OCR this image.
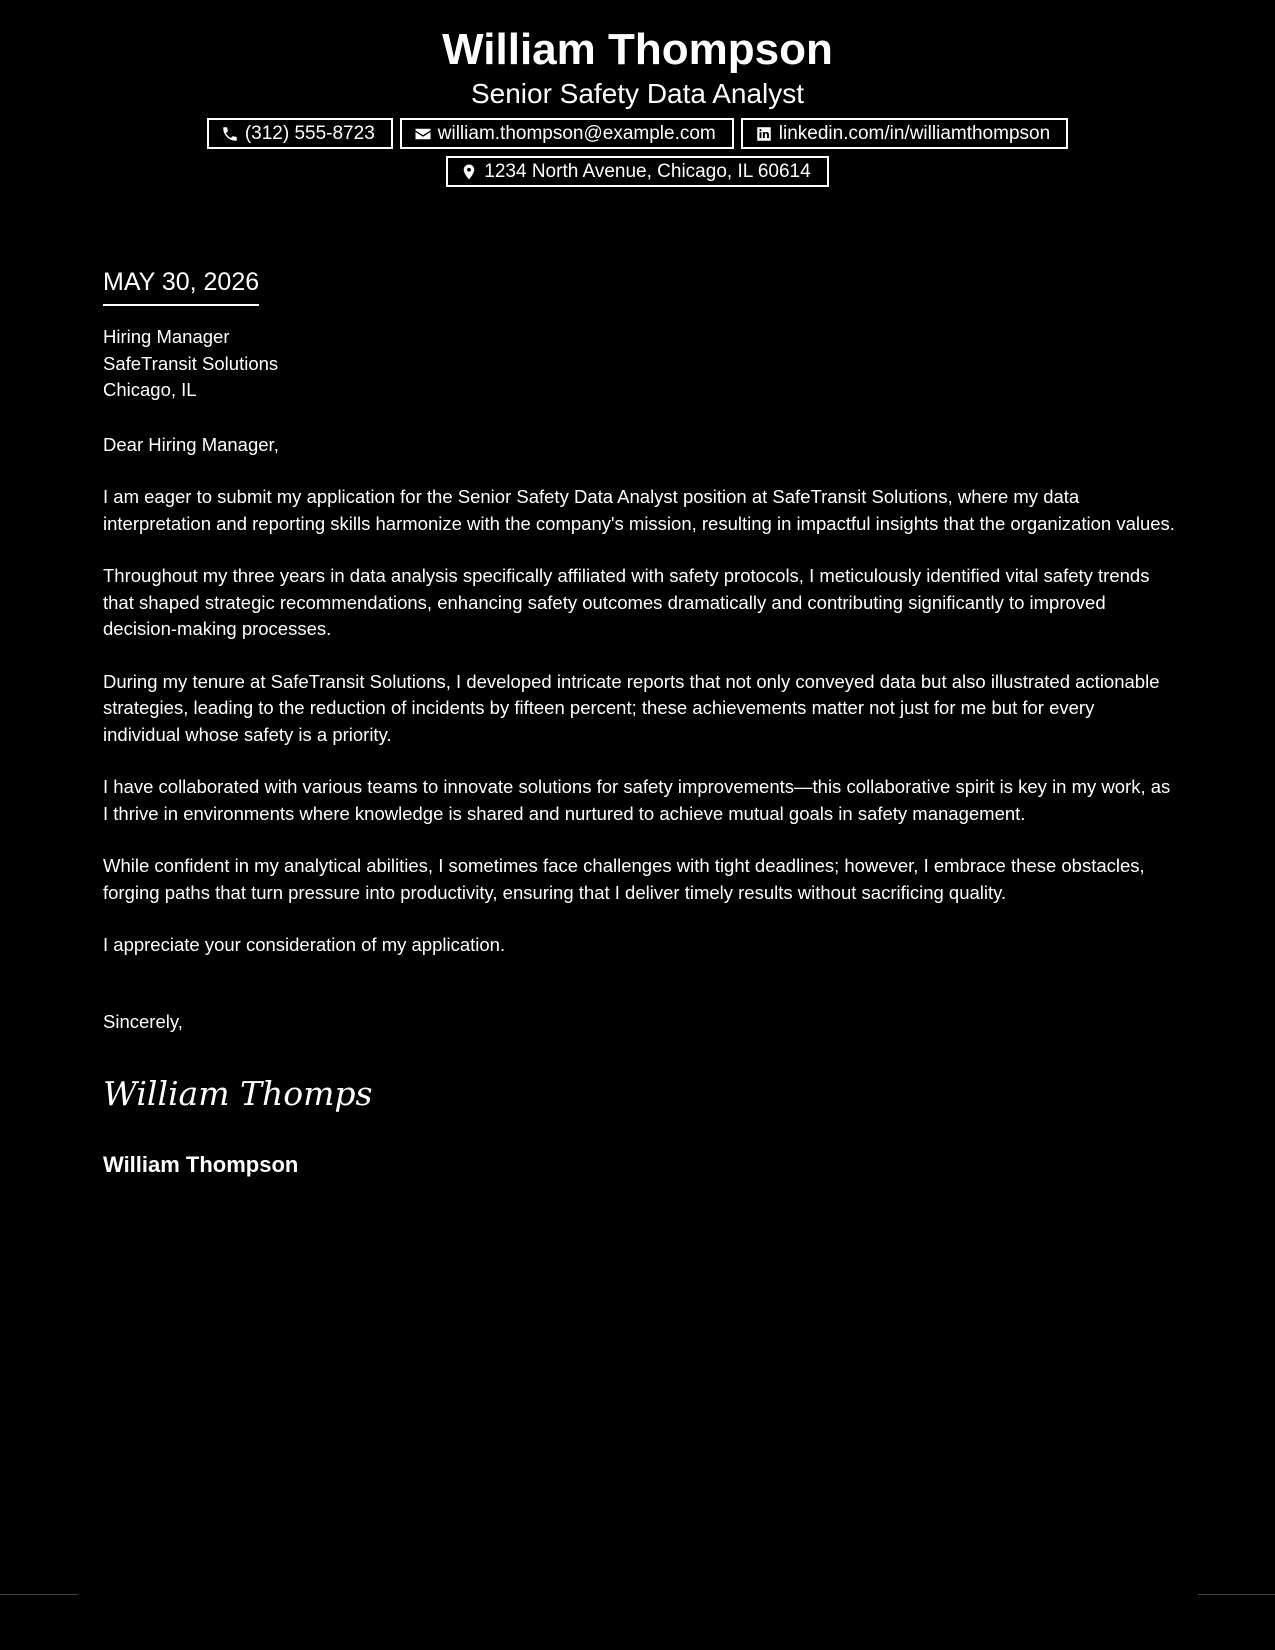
William Thompson
Senior Safety Data Analyst
(312) 555-8723	william.thompson@example.com	linkedin.com/in/williamthompson
1234 North Avenue, Chicago, IL 60614
MAY 30, 2026

Hiring Manager

SafeTransit Solutions

Chicago, IL

Dear Hiring Manager,

I am eager to submit my application for the Senior Safety Data Analyst position at SafeTransit Solutions, where my data interpretation and reporting skills harmonize with the company's mission, resulting in impactful insights that the organization values.

Throughout my three years in data analysis specifically affiliated with safety protocols, I meticulously identified vital safety trends that shaped strategic recommendations, enhancing safety outcomes dramatically and contributing significantly to improved decision-making processes.

During my tenure at SafeTransit Solutions, I developed intricate reports that not only conveyed data but also illustrated actionable strategies, leading to the reduction of incidents by fifteen percent; these achievements matter not just for me but for every individual whose safety is a priority.

I have collaborated with various teams to innovate solutions for safety improvements—this collaborative spirit is key in my work, as I thrive in environments where knowledge is shared and nurtured to achieve mutual goals in safety management.

While confident in my analytical abilities, I sometimes face challenges with tight deadlines; however, I embrace these obstacles, forging paths that turn pressure into productivity, ensuring that I deliver timely results without sacrificing quality.

I appreciate your consideration of my application.

Sincerely,

William Thompso

William Thompson
